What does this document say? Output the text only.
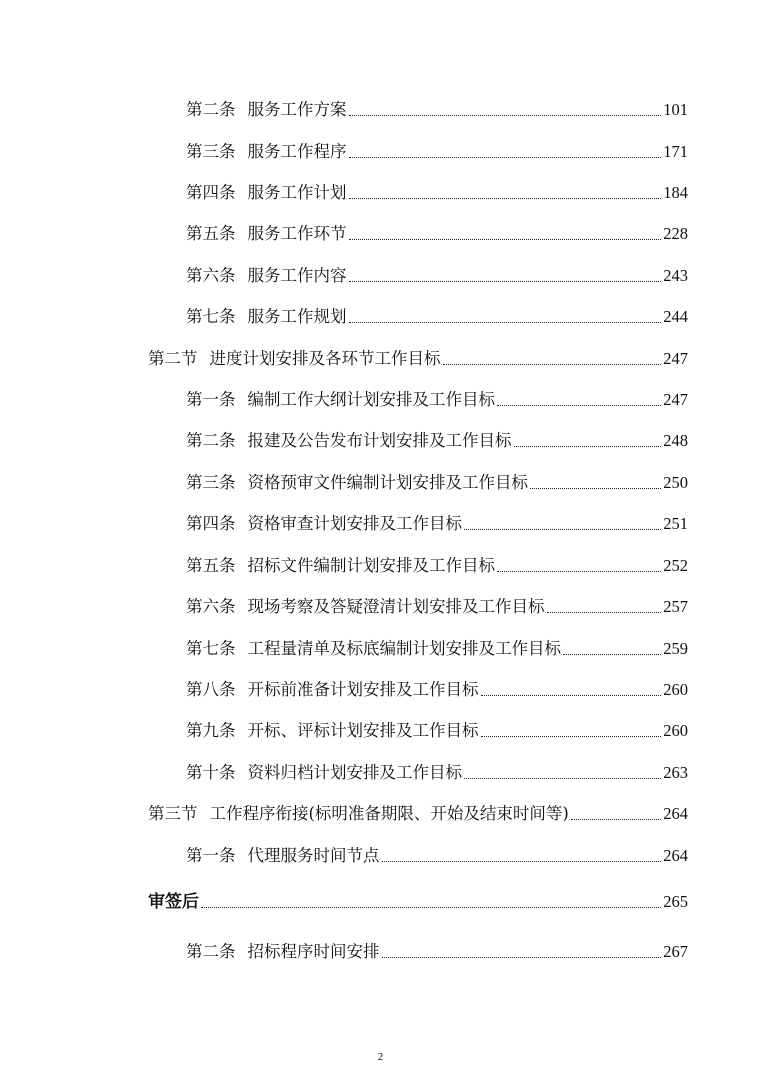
第二条 服务工作方案	101
第三条 服务工作程序	171
第四条 服务工作计划	184
第五条 服务工作环节	228
第六条 服务工作内容	243
第七条 服务工作规划	244
第二节 进度计划安排及各环节工作目标	247
第一条 编制工作大纲计划安排及工作目标	247
第二条 报建及公告发布计划安排及工作目标	248
第三条 资格预审文件编制计划安排及工作目标	250
第四条 资格审查计划安排及工作目标	251
第五条 招标文件编制计划安排及工作目标	252
第六条 现场考察及答疑澄清计划安排及工作目标	257
第七条 工程量清单及标底编制计划安排及工作目标	259
第八条 开标前准备计划安排及工作目标	260
第九条 开标、评标计划安排及工作目标	260
第十条 资料归档计划安排及工作目标	263
第三节 工作程序衔接(标明准备期限、开始及结束时间等)	264
第一条 代理服务时间节点	264
审签后	265
第二条 招标程序时间安排	267
2
